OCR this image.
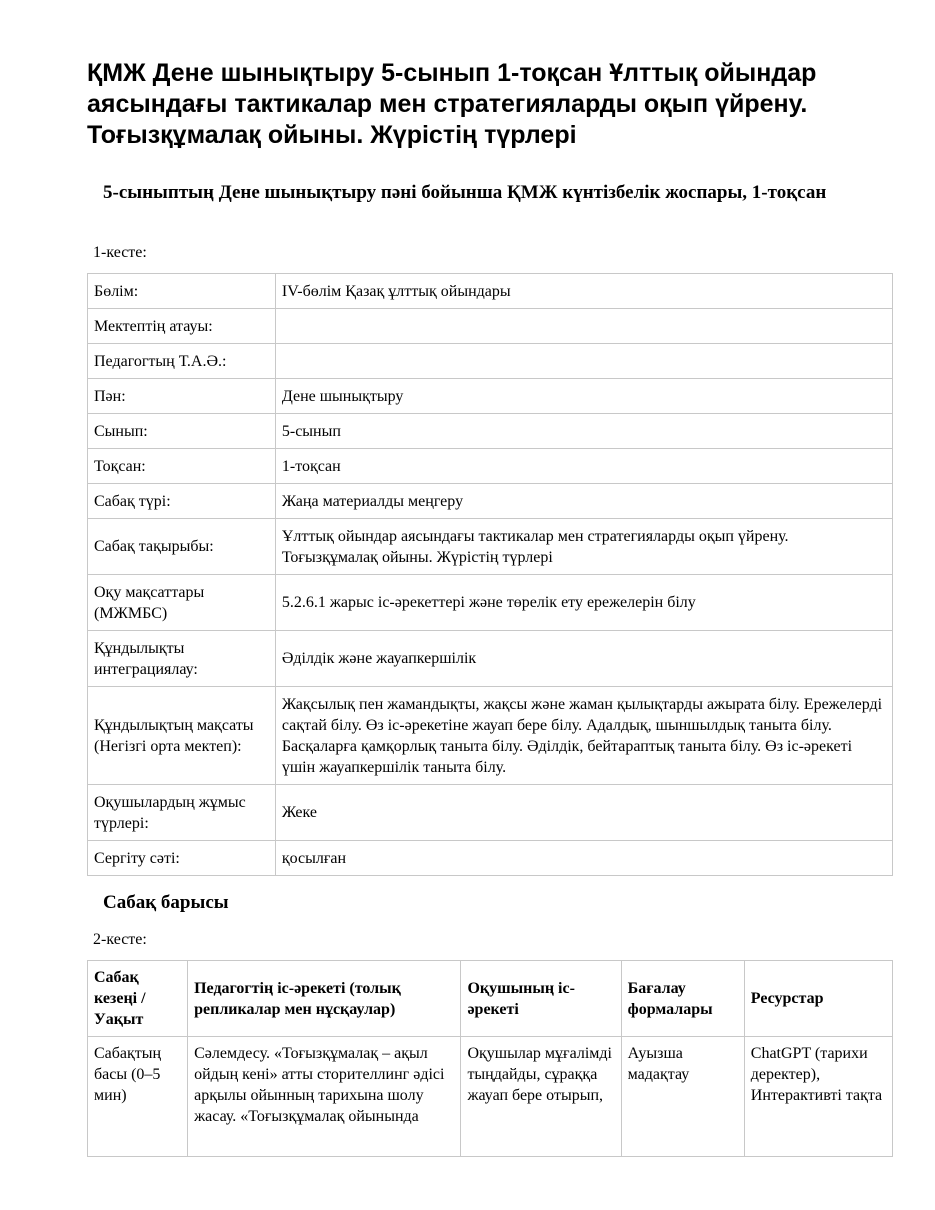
ҚМЖ Дене шынықтыру 5-сынып 1-тоқсан Ұлттық ойындар аясындағы тактикалар мен стратегияларды оқып үйрену. Тоғызқұмалақ ойыны. Жүрістің түрлері
5-сыныптың Дене шынықтыру пәні бойынша ҚМЖ күнтізбелік жоспары, 1-тоқсан

1-кесте:

Бөлім:	IV-бөлім Қазақ ұлттық ойындары
Мектептің атауы:	
Педагогтың Т.А.Ә.:	
Пән:	Дене шынықтыру
Сынып:	5-сынып
Тоқсан:	1-тоқсан
Сабақ түрі:	Жаңа материалды меңгеру
Сабақ тақырыбы:	Ұлттық ойындар аясындағы тактикалар мен стратегияларды оқып үйрену. Тоғызқұмалақ ойыны. Жүрістің түрлері
Оқу мақсаттары (МЖМБС)	5.2.6.1 жарыс іс-әрекеттері және төрелік ету ережелерін білу
Құндылықты интеграциялау:	Әділдік және жауапкершілік
Құндылықтың мақсаты (Негізгі орта мектеп):	Жақсылық пен жамандықты, жақсы және жаман қылықтарды ажырата білу. Ережелерді сақтай білу. Өз іс-әрекетіне жауап бере білу. Адалдық, шыншылдық таныта білу. Басқаларға қамқорлық таныта білу. Әділдік, бейтараптық таныта білу. Өз іс-әрекеті үшін жауапкершілік таныта білу.
Оқушылардың жұмыс түрлері:	Жеке
Сергіту сәті:	қосылған
Сабақ барысы

2-кесте:

Сабақ кезеңі / Уақыт	Педагогтің іс-әрекеті (толық репликалар мен нұсқаулар)	Оқушының іс-әрекеті	Бағалау формалары	Ресурстар
Сабақтың басы (0–5 мин)	Сәлемдесу. «Тоғызқұмалақ – ақыл ойдың кені» атты сторителлинг әдісі арқылы ойынның тарихына шолу жасау. «Тоғызқұмалақ ойынында	Оқушылар мұғалімді тыңдайды, сұраққа жауап бере отырып,	Ауызша мадақтау	ChatGPT (тарихи деректер), Интерактивті тақта
